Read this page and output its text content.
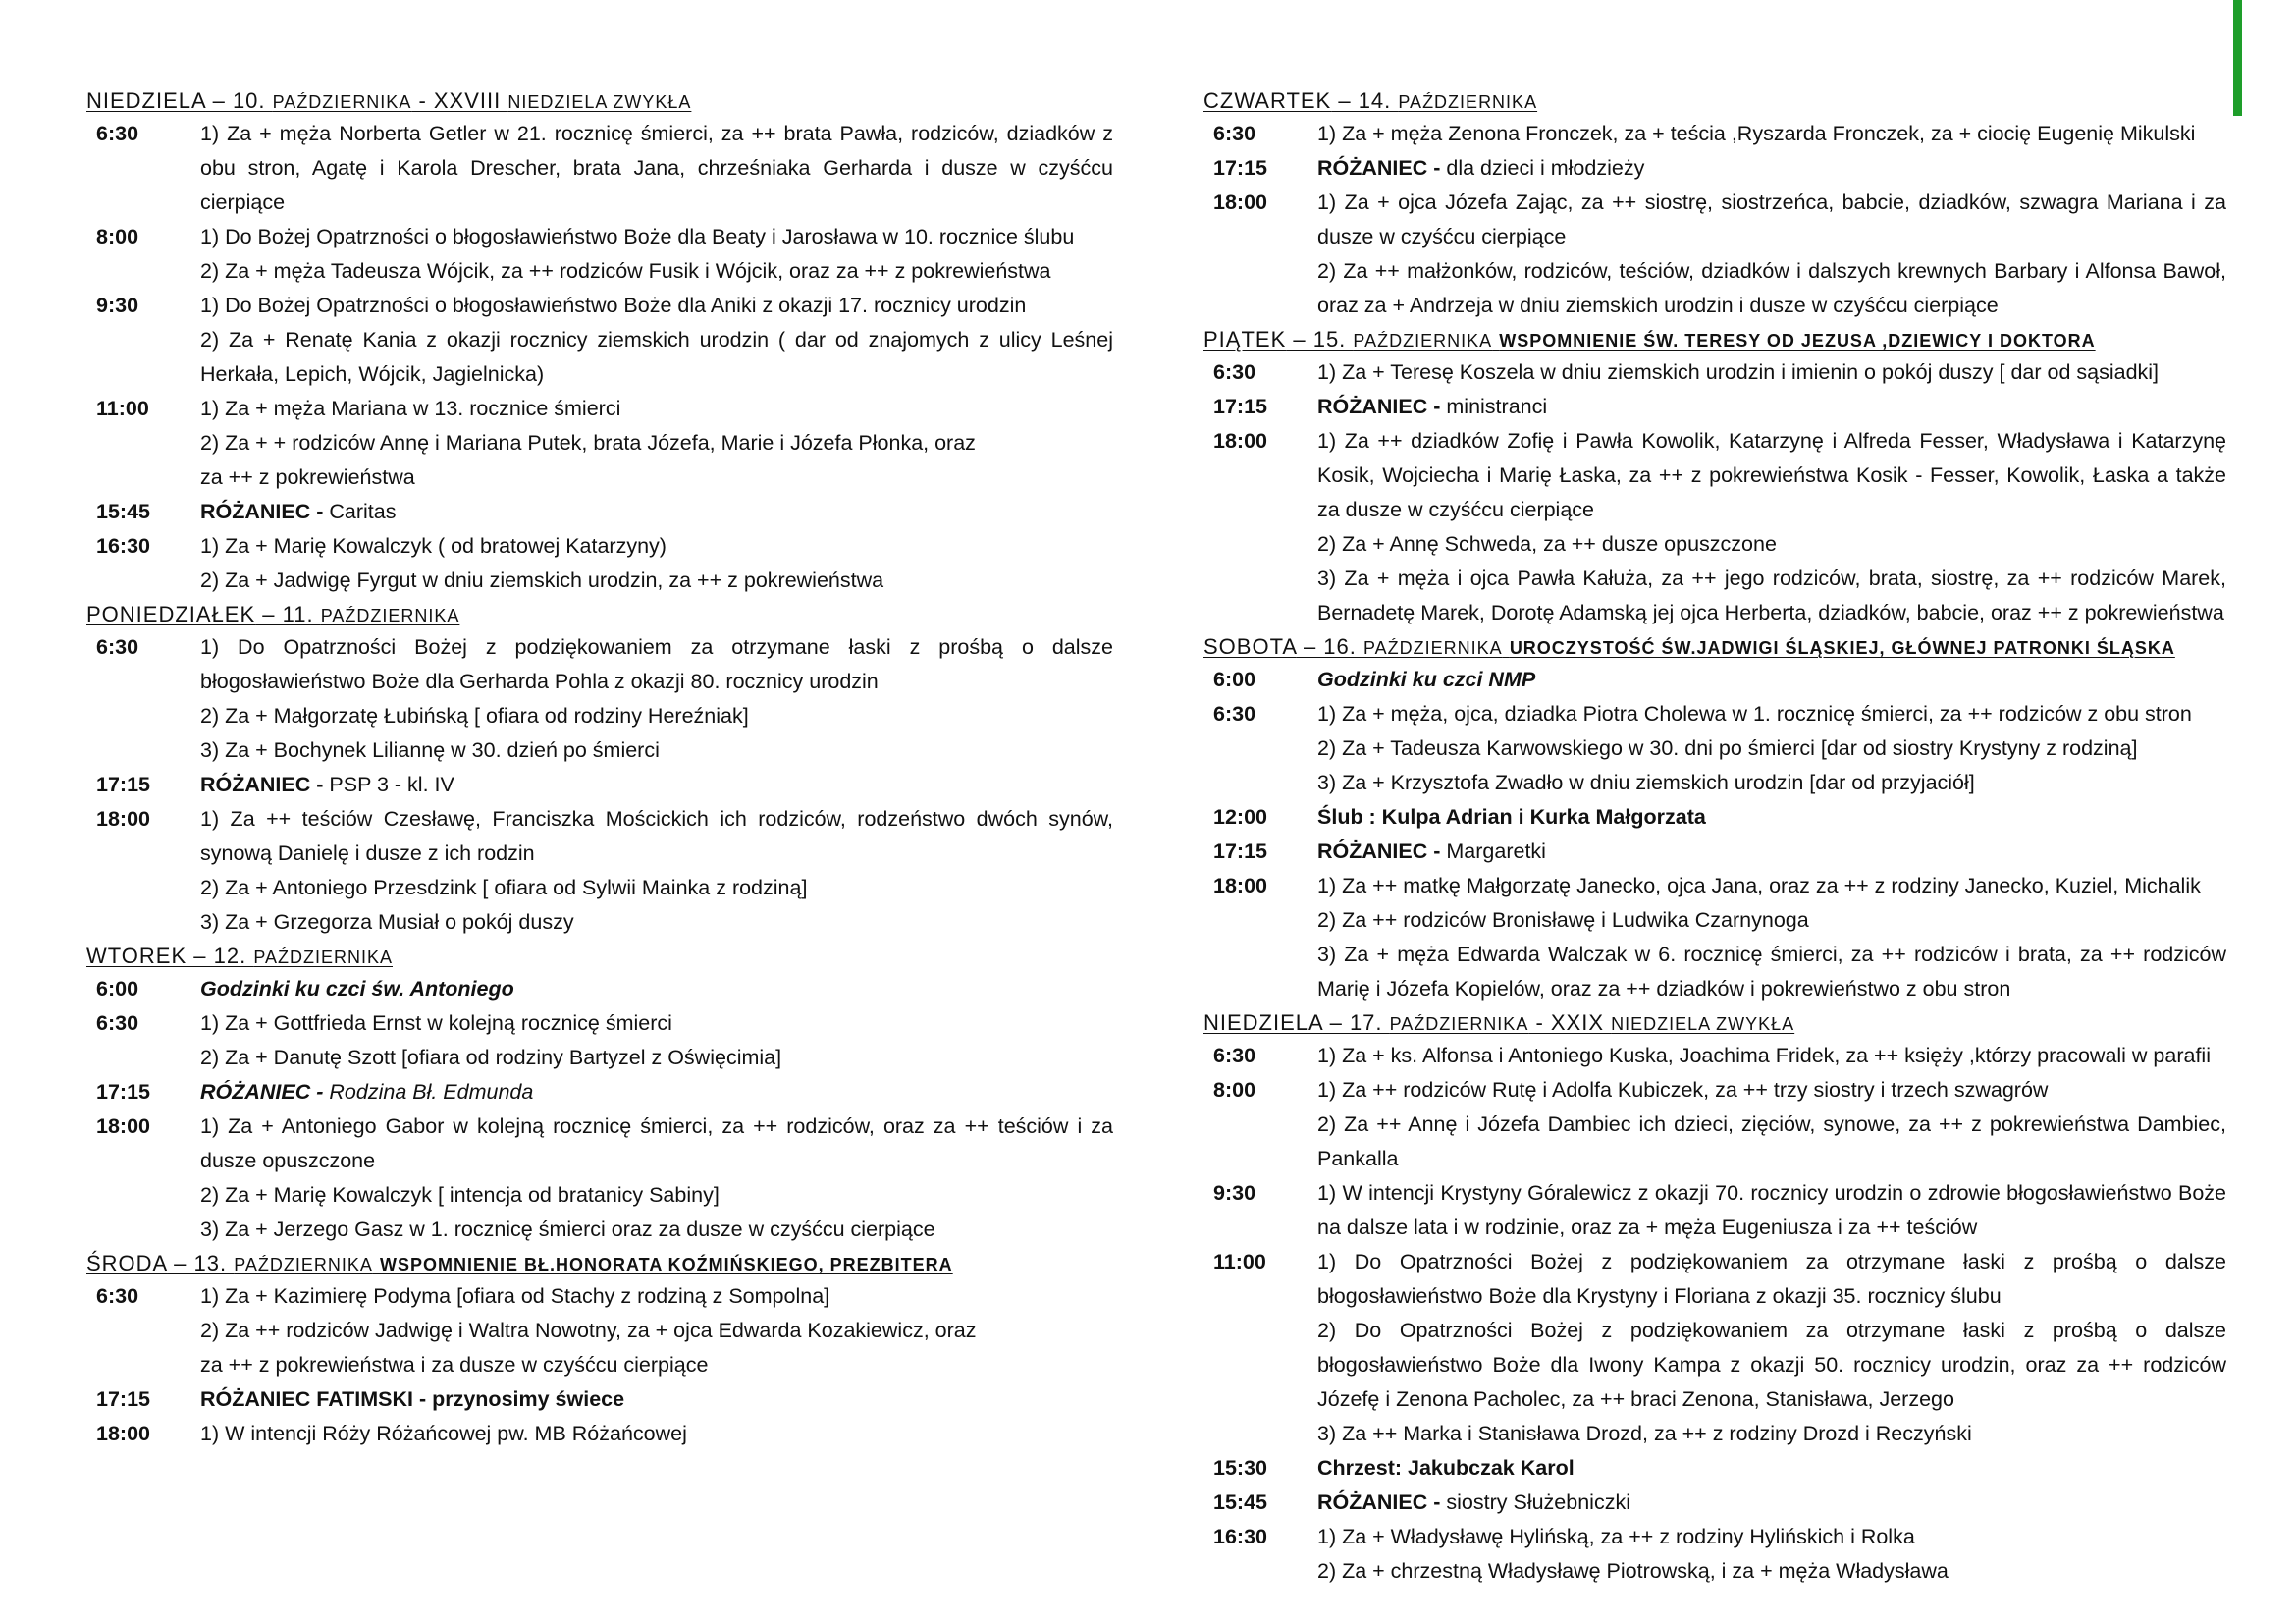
NIEDZIELA – 10. PAŹDZIERNIKA - XXVIII NIEDZIELA ZWYKŁA
6:30	1) Za + męża Norberta Getler w 21. rocznicę śmierci, za ++ brata Pawła, rodziców, dziadków z obu stron, Agatę i Karola Drescher, brata Jana, chrześniaka Gerharda i dusze w czyśćcu cierpiące
8:00	1) Do Bożej Opatrzności o błogosławieństwo Boże dla Beaty i Jarosława w 10. rocznice ślubu
2) Za + męża Tadeusza Wójcik, za ++ rodziców Fusik i Wójcik, oraz za ++ z pokrewieństwa
9:30	1) Do Bożej Opatrzności o błogosławieństwo Boże dla Aniki z okazji 17. rocznicy urodzin
2) Za + Renatę Kania z okazji rocznicy ziemskich urodzin ( dar od znajomych z ulicy Leśnej Herkała, Lepich, Wójcik, Jagielnicka)
11:00	1) Za + męża Mariana w 13. rocznice śmierci
2) Za + + rodziców Annę i Mariana Putek, brata Józefa, Marie i Józefa Płonka, oraz
za ++ z pokrewieństwa
15:45	RÓŻANIEC - Caritas
16:30	1) Za + Marię Kowalczyk ( od bratowej Katarzyny)
2) Za + Jadwigę Fyrgut w dniu ziemskich urodzin, za ++ z pokrewieństwa
PONIEDZIAŁEK – 11. PAŹDZIERNIKA
6:30	1) Do Opatrzności Bożej z podziękowaniem za otrzymane łaski z prośbą o dalsze błogosławieństwo Boże dla Gerharda Pohla z okazji 80. rocznicy urodzin
2) Za + Małgorzatę Łubińską [ ofiara od rodziny Hereźniak]
3) Za + Bochynek Liliannę w 30. dzień po śmierci
17:15	RÓŻANIEC - PSP 3 - kl. IV
18:00	1) Za ++ teściów Czesławę, Franciszka Mościckich ich rodziców, rodzeństwo dwóch synów, synową Danielę i dusze z ich rodzin
2) Za + Antoniego Przesdzink [ ofiara od Sylwii Mainka z rodziną]
3) Za + Grzegorza Musiał o pokój duszy
WTOREK – 12. PAŹDZIERNIKA
6:00	Godzinki ku czci św. Antoniego
6:30	1) Za + Gottfrieda Ernst w kolejną rocznicę śmierci
2) Za + Danutę Szott [ofiara od rodziny Bartyzel z Oświęcimia]
17:15	RÓŻANIEC - Rodzina Bł. Edmunda
18:00	1) Za + Antoniego Gabor w kolejną rocznicę śmierci, za ++ rodziców, oraz za ++ teściów i za dusze opuszczone
2) Za + Marię Kowalczyk [ intencja od bratanicy Sabiny]
3) Za + Jerzego Gasz w 1. rocznicę śmierci oraz za dusze w czyśćcu cierpiące
ŚRODA – 13. PAŹDZIERNIKA WSPOMNIENIE BŁ.HONORATA KOŹMIŃSKIEGO, PREZBITERA
6:30	1) Za + Kazimierę Podyma [ofiara od Stachy z rodziną z Sompolna]
2) Za ++ rodziców Jadwigę i Waltra Nowotny, za + ojca Edwarda Kozakiewicz, oraz
za ++ z pokrewieństwa i za dusze w czyśćcu cierpiące
17:15	RÓŻANIEC FATIMSKI - przynosimy świece
18:00	1) W intencji Róży Różańcowej pw. MB Różańcowej
CZWARTEK – 14. PAŹDZIERNIKA
6:30	1) Za + męża Zenona Fronczek, za + teścia ,Ryszarda Fronczek, za + ciocię Eugenię Mikulski
17:15	RÓŻANIEC - dla dzieci i młodzieży
18:00	1) Za + ojca Józefa Zając, za ++ siostrę, siostrzeńca, babcie, dziadków, szwagra Mariana i za dusze w czyśćcu cierpiące
2) Za ++ małżonków, rodziców, teściów, dziadków i dalszych krewnych Barbary i Alfonsa Bawoł, oraz za + Andrzeja w dniu ziemskich urodzin i dusze w czyśćcu cierpiące
PIĄTEK – 15. PAŹDZIERNIKA WSPOMNIENIE ŚW. TERESY OD JEZUSA ,DZIEWICY I DOKTORA
6:30	1) Za + Teresę Koszela w dniu ziemskich urodzin i imienin o pokój duszy [ dar od sąsiadki]
17:15	RÓŻANIEC - ministranci
18:00	1) Za ++ dziadków Zofię i Pawła Kowolik, Katarzynę i Alfreda Fesser, Władysława i Katarzynę Kosik, Wojciecha i Marię Łaska, za ++ z pokrewieństwa Kosik - Fesser, Kowolik, Łaska a także za dusze w czyśćcu cierpiące
2) Za + Annę Schweda, za ++ dusze opuszczone
3) Za + męża i ojca Pawła Kałuża, za ++ jego rodziców, brata, siostrę, za ++ rodziców Marek, Bernadetę Marek, Dorotę Adamską jej ojca Herberta, dziadków, babcie, oraz ++ z pokrewieństwa
SOBOTA – 16. PAŹDZIERNIKA UROCZYSTOŚĆ ŚW.JADWIGI ŚLĄSKIEJ, GŁÓWNEJ PATRONKI ŚLĄSKA
6:00	Godzinki ku czci NMP
6:30	1) Za + męża, ojca, dziadka Piotra Cholewa w 1. rocznicę śmierci, za ++ rodziców z obu stron
2) Za + Tadeusza Karwowskiego w 30. dni po śmierci [dar od siostry Krystyny z rodziną]
3) Za + Krzysztofa Zwadło w dniu ziemskich urodzin [dar od przyjaciół]
12:00	Ślub : Kulpa Adrian i Kurka Małgorzata
17:15	RÓŻANIEC - Margaretki
18:00	1) Za ++ matkę Małgorzatę Janecko, ojca Jana, oraz za ++ z rodziny Janecko, Kuziel, Michalik
2) Za ++ rodziców Bronisławę i Ludwika Czarnynoga
3) Za + męża Edwarda Walczak w 6. rocznicę śmierci, za ++ rodziców i brata, za ++ rodziców Marię i Józefa Kopielów, oraz za ++ dziadków i pokrewieństwo z obu stron
NIEDZIELA – 17. PAŹDZIERNIKA - XXIX NIEDZIELA ZWYKŁA
6:30	1) Za + ks. Alfonsa i Antoniego Kuska, Joachima Fridek, za ++ księży ,którzy pracowali w parafii
8:00	1) Za ++ rodziców Rutę i Adolfa Kubiczek, za ++ trzy siostry i trzech szwagrów
2) Za ++ Annę i Józefa Dambiec ich dzieci, zięciów, synowe, za ++ z pokrewieństwa Dambiec, Pankalla
9:30	1) W intencji Krystyny Góralewicz z okazji 70. rocznicy urodzin o zdrowie błogosławieństwo Boże na dalsze lata i w rodzinie, oraz za + męża Eugeniusza i za ++ teściów
11:00	1) Do Opatrzności Bożej z podziękowaniem za otrzymane łaski z prośbą o dalsze błogosławieństwo Boże dla Krystyny i Floriana z okazji 35. rocznicy ślubu
2) Do Opatrzności Bożej z podziękowaniem za otrzymane łaski z prośbą o dalsze błogosławieństwo Boże dla Iwony Kampa z okazji 50. rocznicy urodzin, oraz za ++ rodziców Józefę i Zenona Pacholec, za ++ braci Zenona, Stanisława, Jerzego
3) Za ++ Marka i Stanisława Drozd, za ++ z rodziny Drozd i Reczyński
15:30	Chrzest: Jakubczak Karol
15:45	RÓŻANIEC - siostry Służebniczki
16:30	1) Za + Władysławę Hylińską, za ++ z rodziny Hylińskich i Rolka
2) Za + chrzestną Władysławę Piotrowską, i za + męża Władysława
